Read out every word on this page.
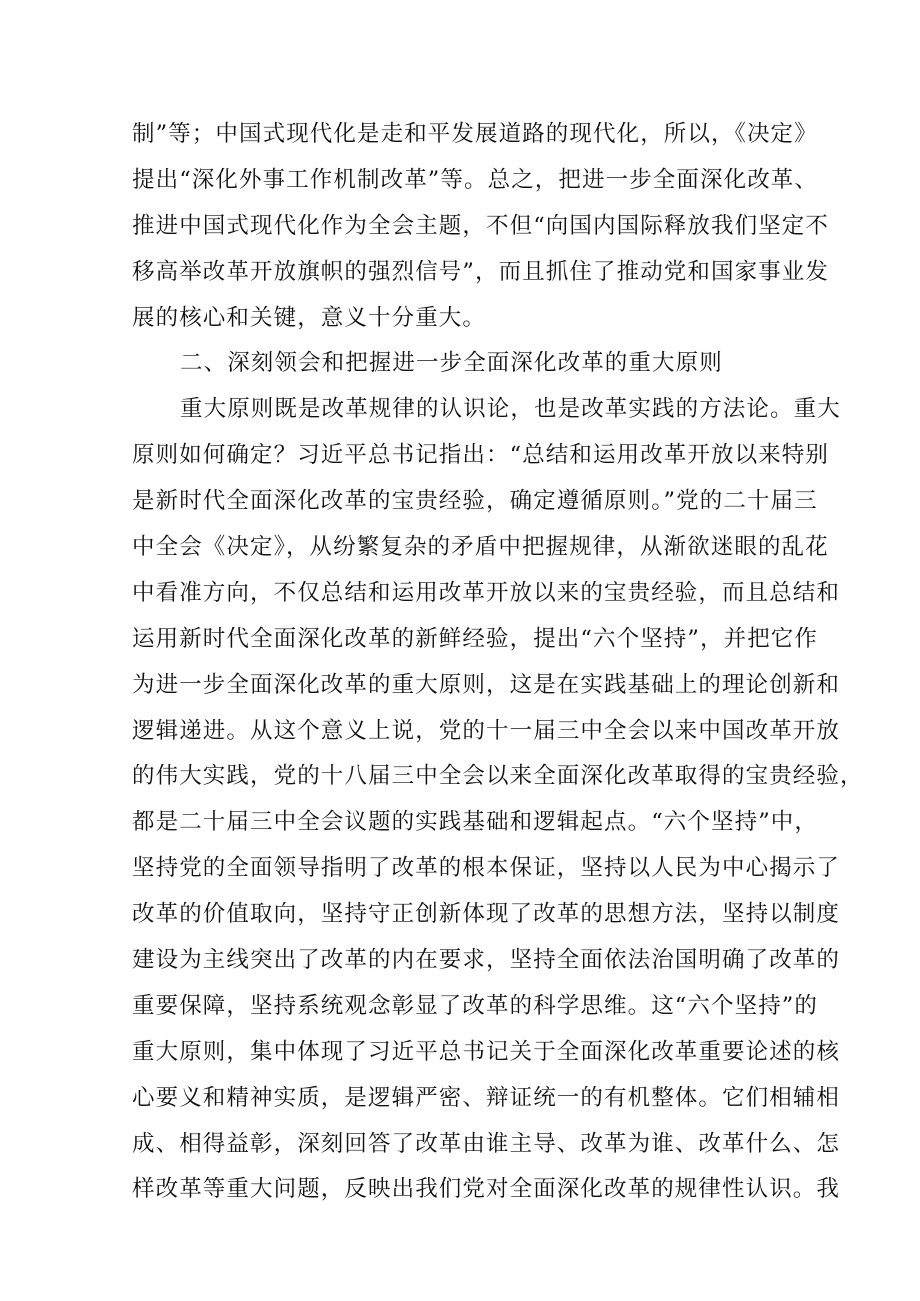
制”等；中国式现代化是走和平发展道路的现代化，所以，《决定》
提出“深化外事工作机制改革”等。总之，把进一步全面深化改革、
推进中国式现代化作为全会主题，不但“向国内国际释放我们坚定不
移高举改革开放旗帜的强烈信号”，而且抓住了推动党和国家事业发
展的核心和关键，意义十分重大。
二、深刻领会和把握进一步全面深化改革的重大原则
重大原则既是改革规律的认识论，也是改革实践的方法论。重大
原则如何确定？习近平总书记指出：“总结和运用改革开放以来特别
是新时代全面深化改革的宝贵经验，确定遵循原则。”党的二十届三
中全会《决定》，从纷繁复杂的矛盾中把握规律，从渐欲迷眼的乱花
中看准方向，不仅总结和运用改革开放以来的宝贵经验，而且总结和
运用新时代全面深化改革的新鲜经验，提出“六个坚持”，并把它作
为进一步全面深化改革的重大原则，这是在实践基础上的理论创新和
逻辑递进。从这个意义上说，党的十一届三中全会以来中国改革开放
的伟大实践，党的十八届三中全会以来全面深化改革取得的宝贵经验，
都是二十届三中全会议题的实践基础和逻辑起点。“六个坚持”中，
坚持党的全面领导指明了改革的根本保证，坚持以人民为中心揭示了
改革的价值取向，坚持守正创新体现了改革的思想方法，坚持以制度
建设为主线突出了改革的内在要求，坚持全面依法治国明确了改革的
重要保障，坚持系统观念彰显了改革的科学思维。这“六个坚持”的
重大原则，集中体现了习近平总书记关于全面深化改革重要论述的核
心要义和精神实质，是逻辑严密、辩证统一的有机整体。它们相辅相
成、相得益彰，深刻回答了改革由谁主导、改革为谁、改革什么、怎
样改革等重大问题，反映出我们党对全面深化改革的规律性认识。我
